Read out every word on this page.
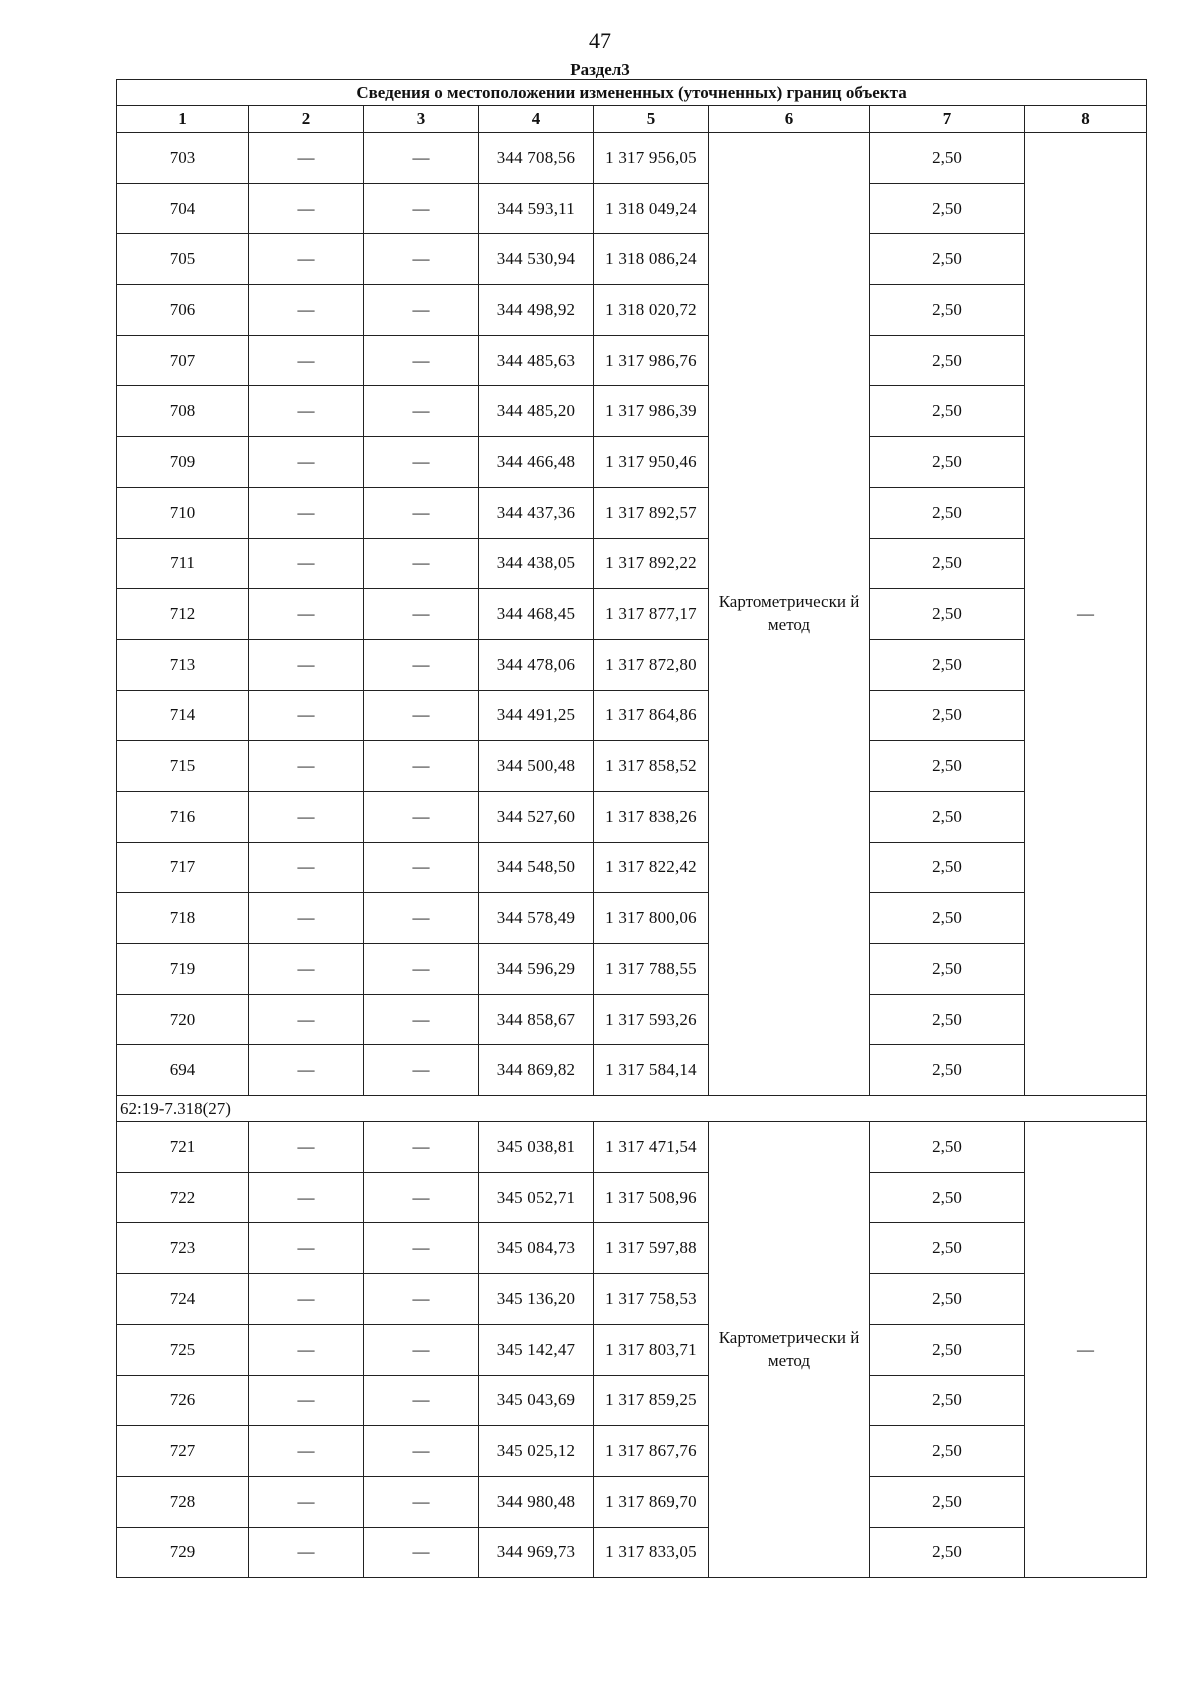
47
Раздел3
Сведения о местоположении измененных (уточненных) границ объекта							
1	2	3	4	5	6	7	8
703	—	—	344 708,56	1 317 956,05	Картометрически й метод	2,50	—
704	—	—	344 593,11	1 318 049,24		2,50	
705	—	—	344 530,94	1 318 086,24		2,50	
706	—	—	344 498,92	1 318 020,72		2,50	
707	—	—	344 485,63	1 317 986,76		2,50	
708	—	—	344 485,20	1 317 986,39		2,50	
709	—	—	344 466,48	1 317 950,46		2,50	
710	—	—	344 437,36	1 317 892,57		2,50	
711	—	—	344 438,05	1 317 892,22		2,50	
712	—	—	344 468,45	1 317 877,17		2,50	
713	—	—	344 478,06	1 317 872,80		2,50	
714	—	—	344 491,25	1 317 864,86		2,50	
715	—	—	344 500,48	1 317 858,52		2,50	
716	—	—	344 527,60	1 317 838,26		2,50	
717	—	—	344 548,50	1 317 822,42		2,50	
718	—	—	344 578,49	1 317 800,06		2,50	
719	—	—	344 596,29	1 317 788,55		2,50	
720	—	—	344 858,67	1 317 593,26		2,50	
694	—	—	344 869,82	1 317 584,14		2,50	
62:19-7.318(27)							
721	—	—	345 038,81	1 317 471,54	Картометрически й метод	2,50	—
722	—	—	345 052,71	1 317 508,96		2,50	
723	—	—	345 084,73	1 317 597,88		2,50	
724	—	—	345 136,20	1 317 758,53		2,50	
725	—	—	345 142,47	1 317 803,71		2,50	
726	—	—	345 043,69	1 317 859,25		2,50	
727	—	—	345 025,12	1 317 867,76		2,50	
728	—	—	344 980,48	1 317 869,70		2,50	
729	—	—	344 969,73	1 317 833,05		2,50	
